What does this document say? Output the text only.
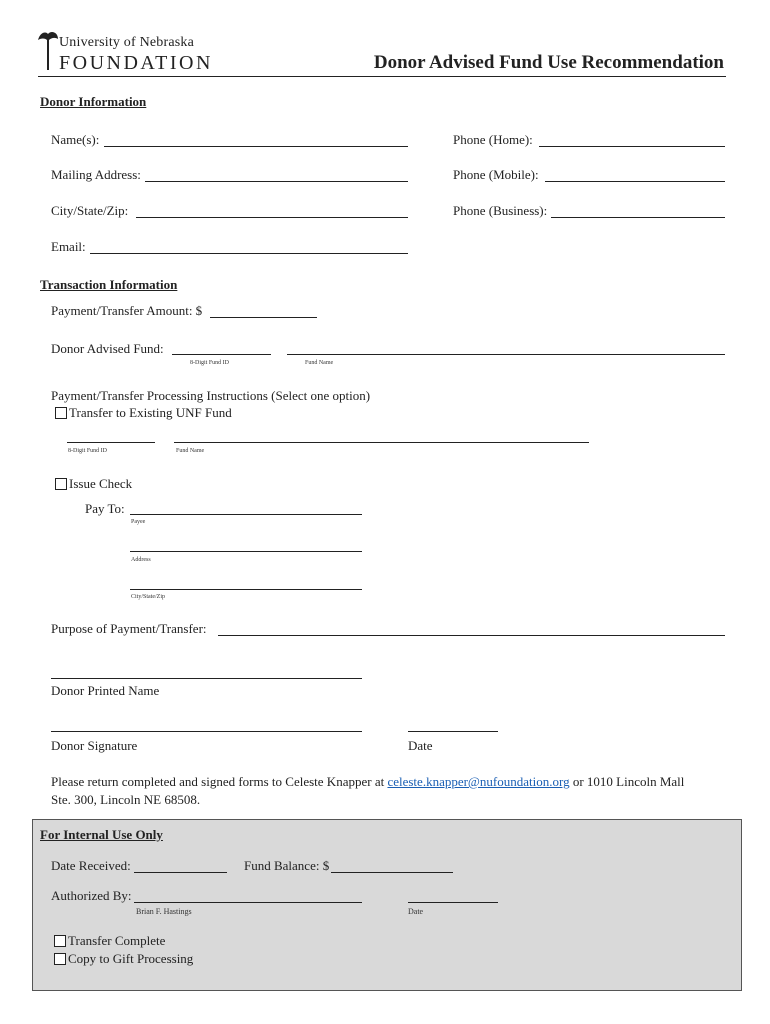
University of Nebraska
FOUNDATION	Donor Advised Fund Use Recommendation
Donor Information
Name(s):
Mailing Address:
City/State/Zip:
Email:
Phone (Home):
Phone (Mobile):
Phone (Business):
Transaction Information
Payment/Transfer Amount: $
Donor Advised Fund:
8-Digit Fund ID	Fund Name
Payment/Transfer Processing Instructions (Select one option)
Transfer to Existing UNF Fund
8-Digit Fund ID	Fund Name
Issue Check
Pay To:
Payee
Address
City/State/Zip
Purpose of Payment/Transfer:
Donor Printed Name
Donor Signature	Date
Please return completed and signed forms to Celeste Knapper at celeste.knapper@nufoundation.org or 1010 Lincoln Mall
Ste. 300, Lincoln NE 68508.
For Internal Use Only
Date Received:	Fund Balance: $
Authorized By:
Brian F. Hastings	Date
Transfer Complete
Copy to Gift Processing
